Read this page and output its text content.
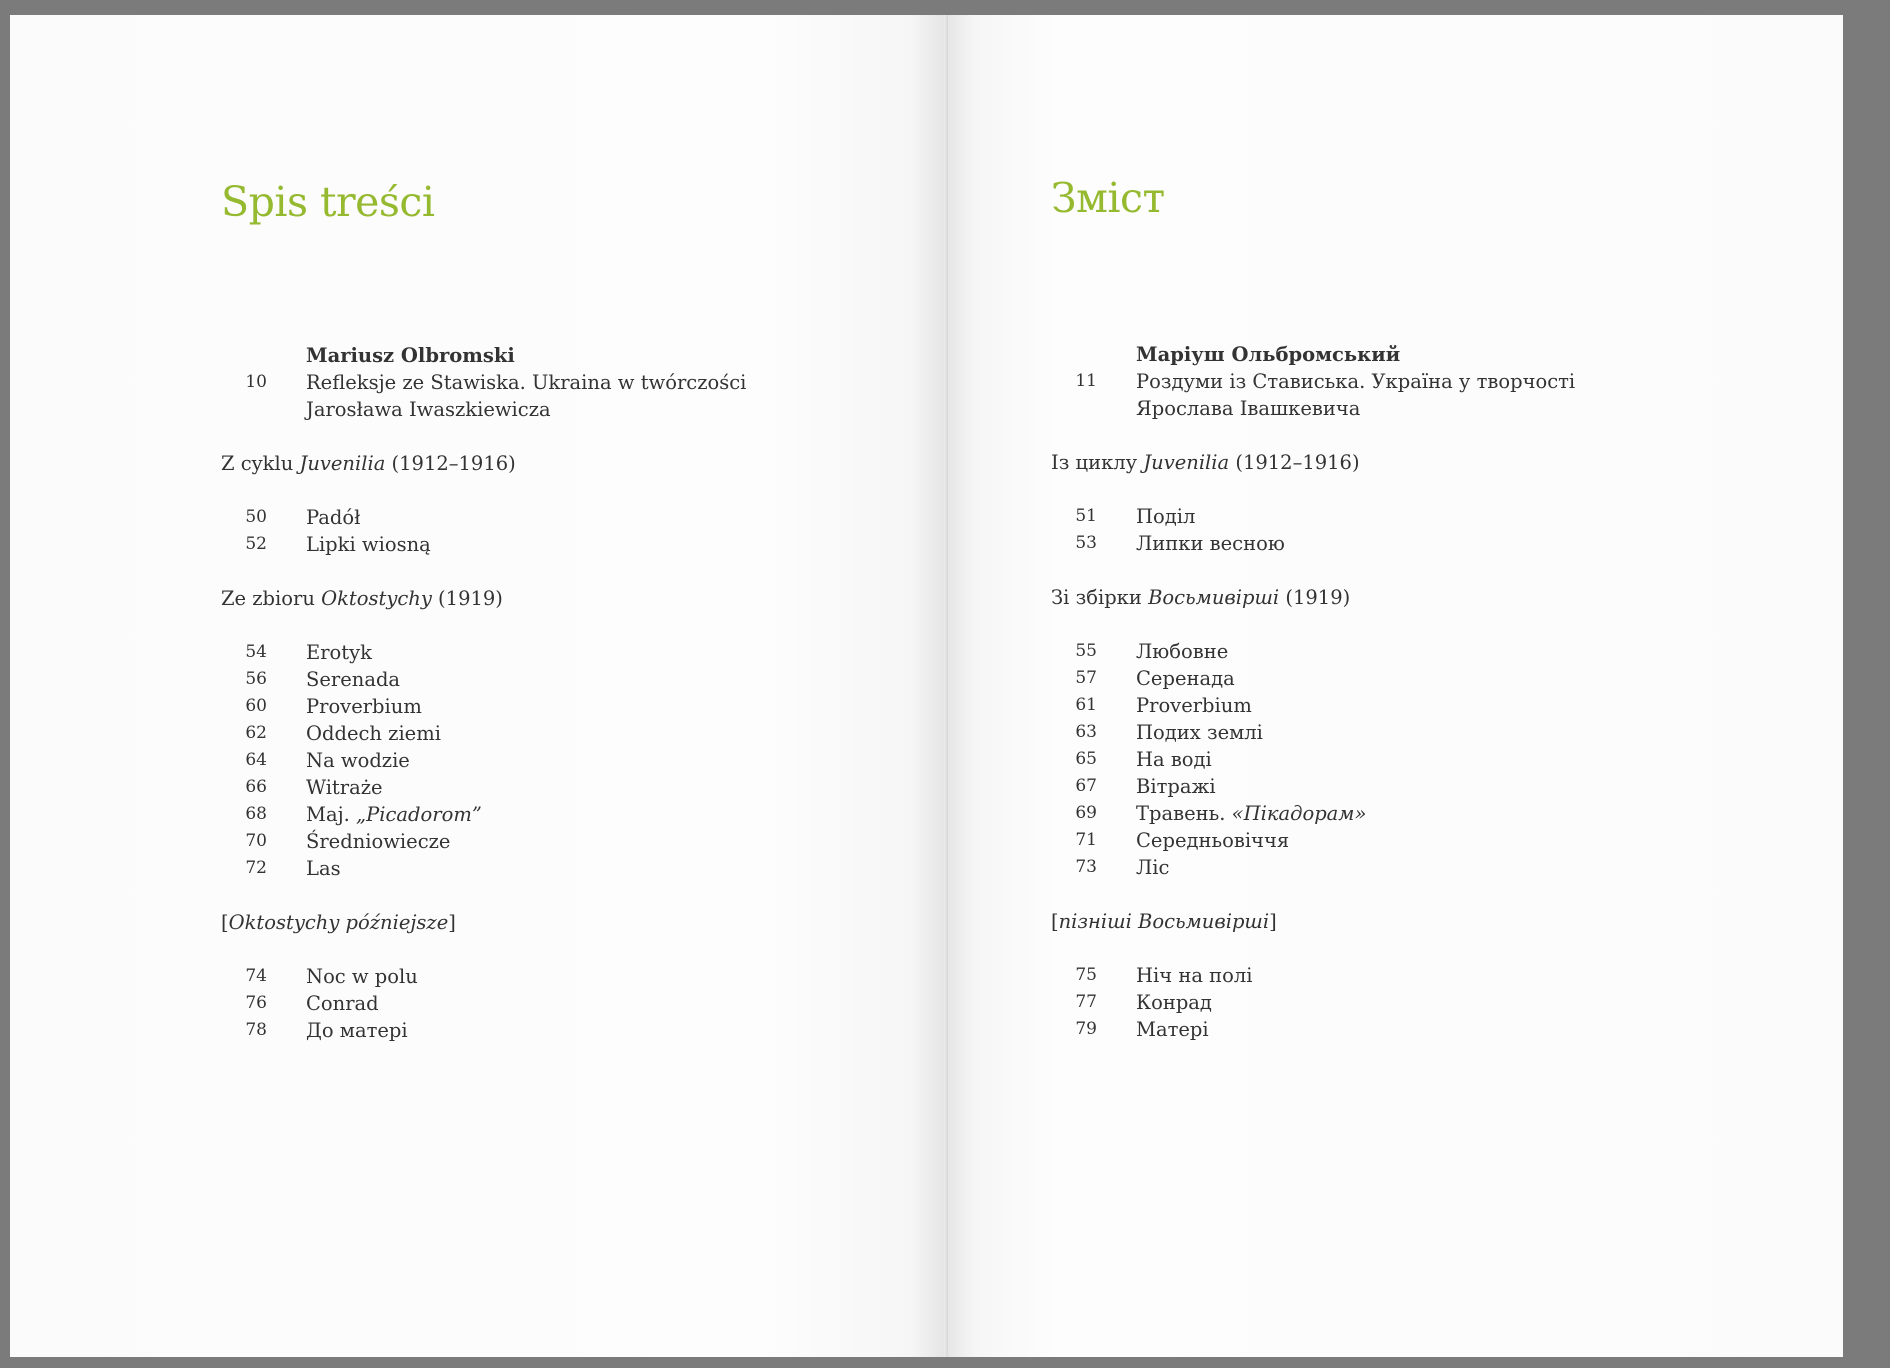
Spis treści
Mariusz Olbromski
10 Refleksje ze Stawiska. Ukraina w twórczości
Jarosława Iwaszkiewicza
Z cyklu Juvenilia (1912–1916)
50 Padół
52 Lipki wiosną
Ze zbioru Oktostychy (1919)
54 Erotyk
56 Serenada
60 Proverbium
62 Oddech ziemi
64 Na wodzie
66 Witraże
68 Maj. „Picadorom”
70 Średniowiecze
72 Las
[Oktostychy późniejsze]
74 Noc w polu
76 Conrad
78 До матері
Зміст
Маріуш Ольбромський
11 Роздуми із Стависька. Україна у творчості
Ярослава Івашкевича
Із циклу Juvenilia (1912–1916)
51 Поділ
53 Липки весною
Зі збірки Восьмивірші (1919)
55 Любовне
57 Серенада
61 Proverbium
63 Подих землі
65 На воді
67 Вітражі
69 Травень. «Пікадорам»
71 Середньовіччя
73 Ліс
[пізніші Восьмивірші]
75 Ніч на полі
77 Конрад
79 Матері
